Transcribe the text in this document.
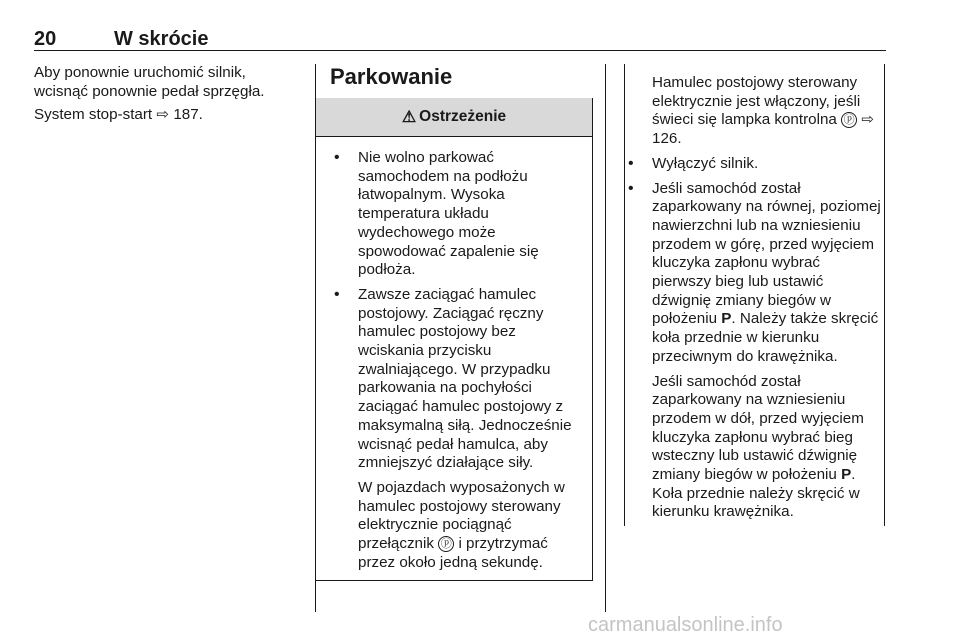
20	W skrócie

Aby ponownie uruchomić silnik, wcisnąć ponownie pedał sprzęgła.

System stop-start ⇨ 187.

Parkowanie
⚠ Ostrzeżenie
• Nie wolno parkować samochodem na podłożu łatwopalnym. Wysoka temperatura układu wydechowego może spowodować zapalenie się podłoża.
• Zawsze zaciągać hamulec postojowy. Zaciągać ręczny hamulec postojowy bez wciskania przycisku zwalniającego. W przypadku parkowania na pochyłości zaciągać hamulec postojowy z maksymalną siłą. Jednocześnie wcisnąć pedał hamulca, aby zmniejszyć działające siły.

W pojazdach wyposażonych w hamulec postojowy sterowany elektrycznie pociągnąć przełącznik ⓟ i przytrzymać przez około jedną sekundę.

Hamulec postojowy sterowany elektrycznie jest włączony, jeśli świeci się lampka kontrolna ⓟ ⇨ 126.
• Wyłączyć silnik.
• Jeśli samochód został zaparkowany na równej, poziomej nawierzchni lub na wzniesieniu przodem w górę, przed wyjęciem kluczyka zapłonu wybrać pierwszy bieg lub ustawić dźwignię zmiany biegów w położeniu P. Należy także skręcić koła przednie w kierunku przeciwnym do krawężnika.

Jeśli samochód został zaparkowany na wzniesieniu przodem w dół, przed wyjęciem kluczyka zapłonu wybrać bieg wsteczny lub ustawić dźwignię zmiany biegów w położeniu P. Koła przednie należy skręcić w kierunku krawężnika.

carmanualsonline.info
